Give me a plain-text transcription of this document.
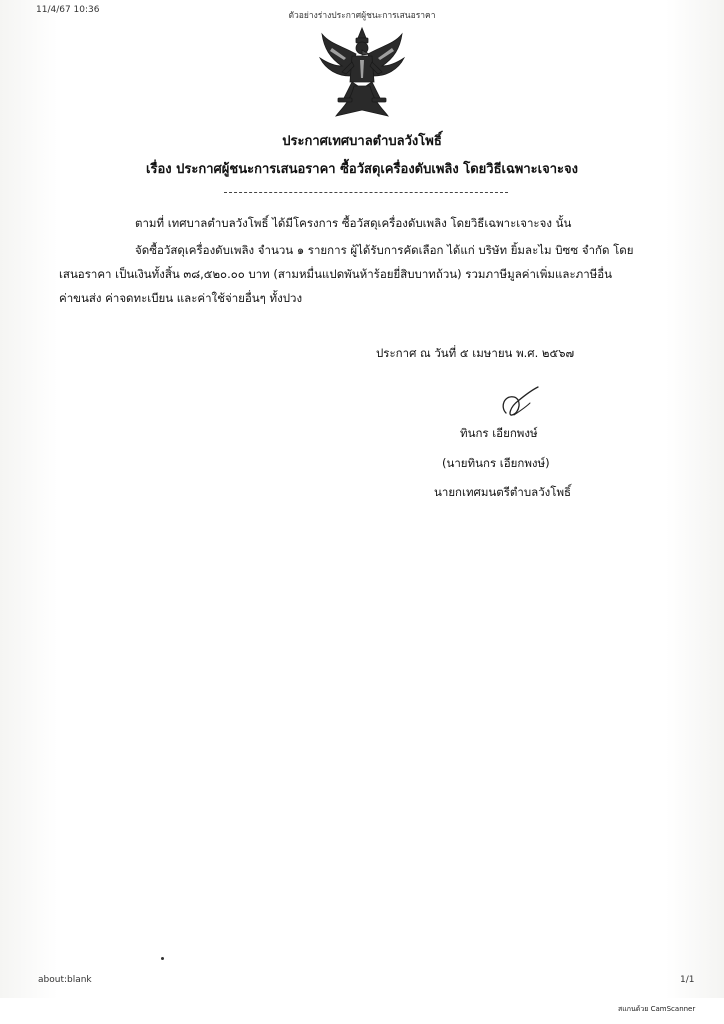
11/4/67 10:36
ตัวอย่างร่างประกาศผู้ชนะการเสนอราคา
ประกาศเทศบาลตำบลวังโพธิ์
เรื่อง ประกาศผู้ชนะการเสนอราคา ซื้อวัสดุเครื่องดับเพลิง โดยวิธีเฉพาะเจาะจง
ตามที่ เทศบาลตำบลวังโพธิ์ ได้มีโครงการ ซื้อวัสดุเครื่องดับเพลิง โดยวิธีเฉพาะเจาะจง นั้น
จัดซื้อวัสดุเครื่องดับเพลิง จำนวน ๑ รายการ ผู้ได้รับการคัดเลือก ได้แก่ บริษัท ยิ้มละไม บิซซ จำกัด โดย
เสนอราคา เป็นเงินทั้งสิ้น ๓๘,๕๒๐.๐๐ บาท (สามหมื่นแปดพันห้าร้อยยี่สิบบาทถ้วน) รวมภาษีมูลค่าเพิ่มและภาษีอื่น
ค่าขนส่ง ค่าจดทะเบียน และค่าใช้จ่ายอื่นๆ ทั้งปวง
ประกาศ ณ วันที่ ๕ เมษายน พ.ศ. ๒๕๖๗
ทินกร เอียกพงษ์
(นายทินกร เอียกพงษ์)
นายกเทศมนตรีตำบลวังโพธิ์
about:blank	1/1
สแกนด้วย CamScanner
